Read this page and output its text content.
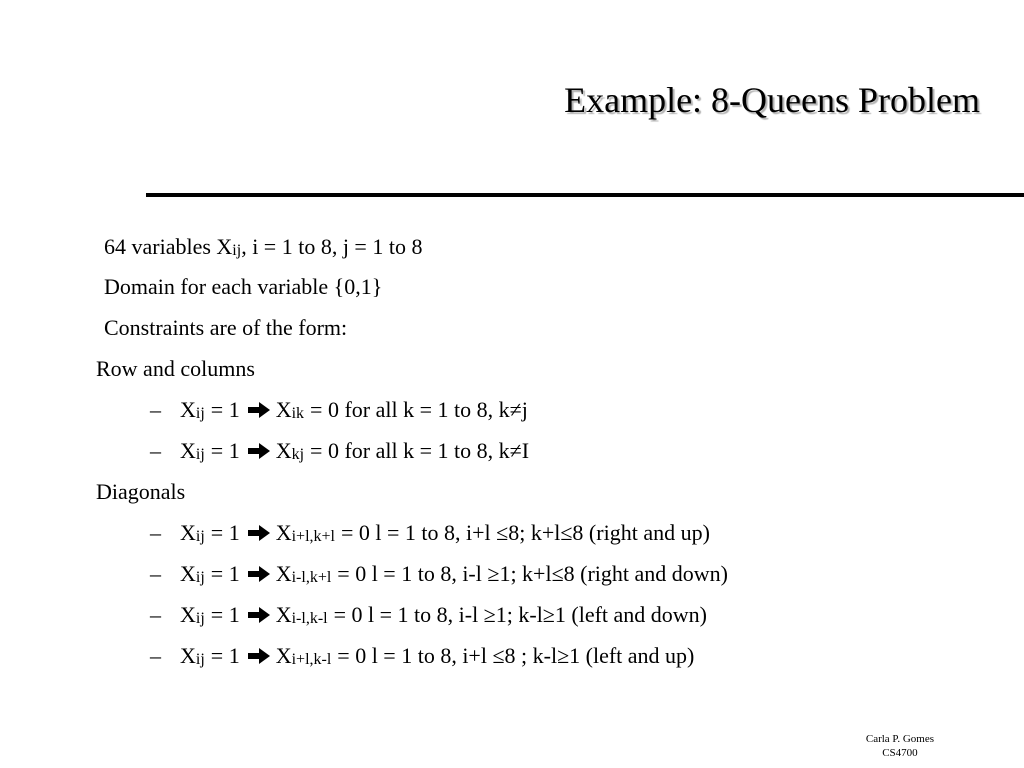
Example: 8-Queens Problem
64 variables Xij, i = 1 to 8, j = 1 to 8
Domain for each variable {0,1}
Constraints are of the form:
Row and columns
– Xij = 1 Xik = 0 for all k = 1 to 8, k≠j
– Xij = 1 Xkj = 0 for all k = 1 to 8, k≠I
Diagonals
– Xij = 1 Xi+l,k+l = 0 l = 1 to 8, i+l ≤8; k+l≤8 (right and up)
– Xij = 1 Xi-l,k+l = 0 l = 1 to 8, i-l ≥1; k+l≤8 (right and down)
– Xij = 1 Xi-l,k-l = 0 l = 1 to 8, i-l ≥1; k-l≥1 (left and down)
– Xij = 1 Xi+l,k-l = 0 l = 1 to 8, i+l ≤8 ; k-l≥1 (left and up)
Carla P. Gomes
CS4700
